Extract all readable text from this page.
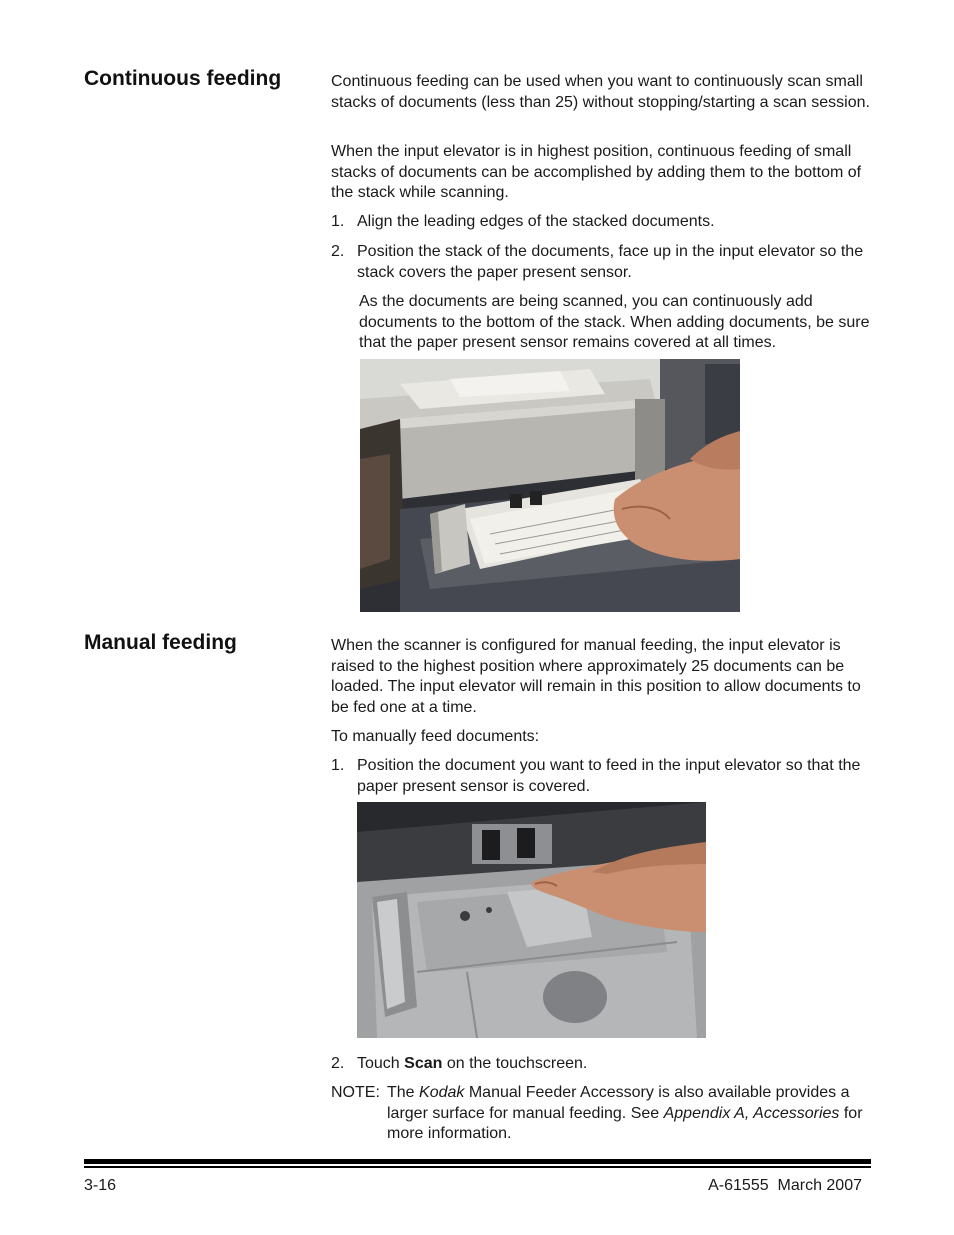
Continuous feeding	Continuous feeding can be used when you want to continuously scan small stacks of documents (less than 25) without stopping/starting a scan session.

When the input elevator is in highest position, continuous feeding of small stacks of documents can be accomplished by adding them to the bottom of the stack while scanning.

1. Align the leading edges of the stacked documents.
2. Position the stack of the documents, face up in the input elevator so the stack covers the paper present sensor.

As the documents are being scanned, you can continuously add documents to the bottom of the stack. When adding documents, be sure that the paper present sensor remains covered at all times.

Manual feeding	When the scanner is configured for manual feeding, the input elevator is raised to the highest position where approximately 25 documents can be loaded. The input elevator will remain in this position to allow documents to be fed one at a time.

To manually feed documents:

1. Position the document you want to feed in the input elevator so that the paper present sensor is covered.
2. Touch Scan on the touchscreen.
NOTE: The Kodak Manual Feeder Accessory is also available provides a larger surface for manual feeding. See Appendix A, Accessories for more information.
3-16	A-61555  March 2007
